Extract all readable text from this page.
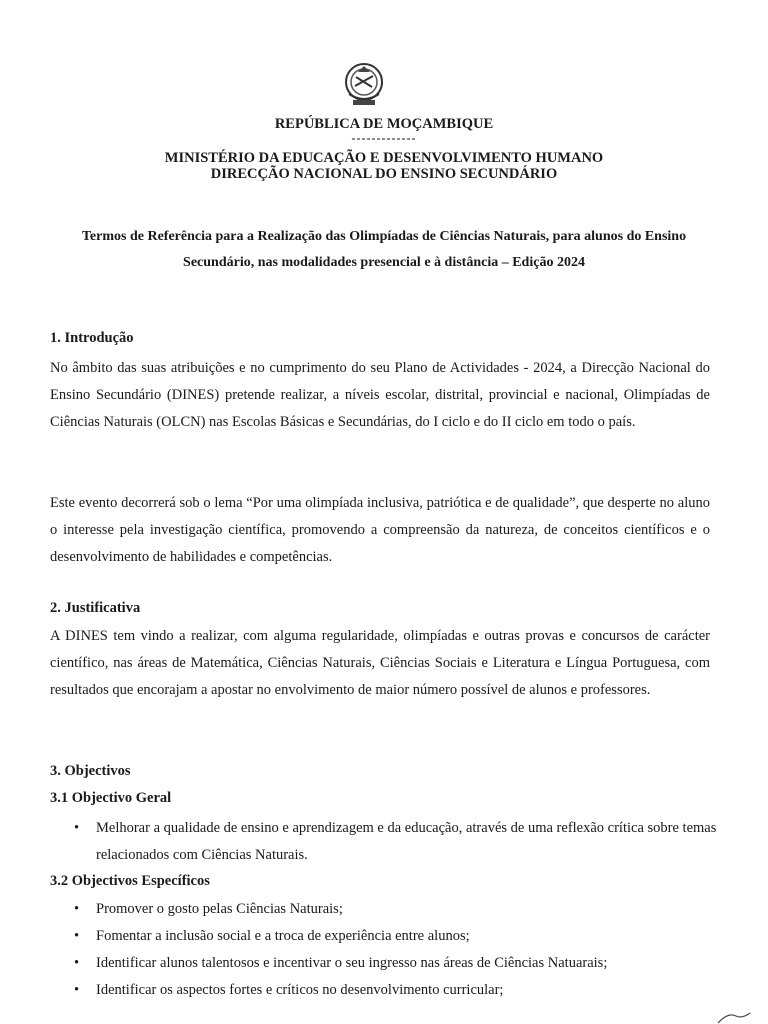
REPÚBLICA DE MOÇAMBIQUE
-------------
MINISTÉRIO DA EDUCAÇÃO E DESENVOLVIMENTO HUMANO
DIRECÇÃO NACIONAL DO ENSINO SECUNDÁRIO
Termos de Referência para a Realização das Olimpíadas de Ciências Naturais, para alunos do Ensino
Secundário, nas modalidades presencial e à distância – Edição 2024
1. Introdução
No âmbito das suas atribuições e no cumprimento do seu Plano de Actividades - 2024, a Direcção Nacional do Ensino Secundário (DINES) pretende realizar, a níveis escolar, distrital, provincial e nacional, Olimpíadas de Ciências Naturais (OLCN) nas Escolas Básicas e Secundárias, do I ciclo e do II ciclo em todo o país.
Este evento decorrerá sob o lema “Por uma olimpíada inclusiva, patriótica e de qualidade”, que desperte no aluno o interesse pela investigação científica, promovendo a compreensão da natureza, de conceitos científicos e o desenvolvimento de habilidades e competências.
2. Justificativa
A DINES tem vindo a realizar, com alguma regularidade, olimpíadas e outras provas e concursos de carácter científico, nas áreas de Matemática, Ciências Naturais, Ciências Sociais e Literatura e Língua Portuguesa, com resultados que encorajam a apostar no envolvimento de maior número possível de alunos e professores.
3. Objectivos
3.1 Objectivo Geral
• Melhorar a qualidade de ensino e aprendizagem e da educação, através de uma reflexão crítica sobre temas relacionados com Ciências Naturais.
3.2 Objectivos Específicos
• Promover o gosto pelas Ciências Naturais;
• Fomentar a inclusão social e a troca de experiência entre alunos;
• Identificar alunos talentosos e incentivar o seu ingresso nas áreas de Ciências Natuarais;
• Identificar os aspectos fortes e críticos no desenvolvimento curricular;
